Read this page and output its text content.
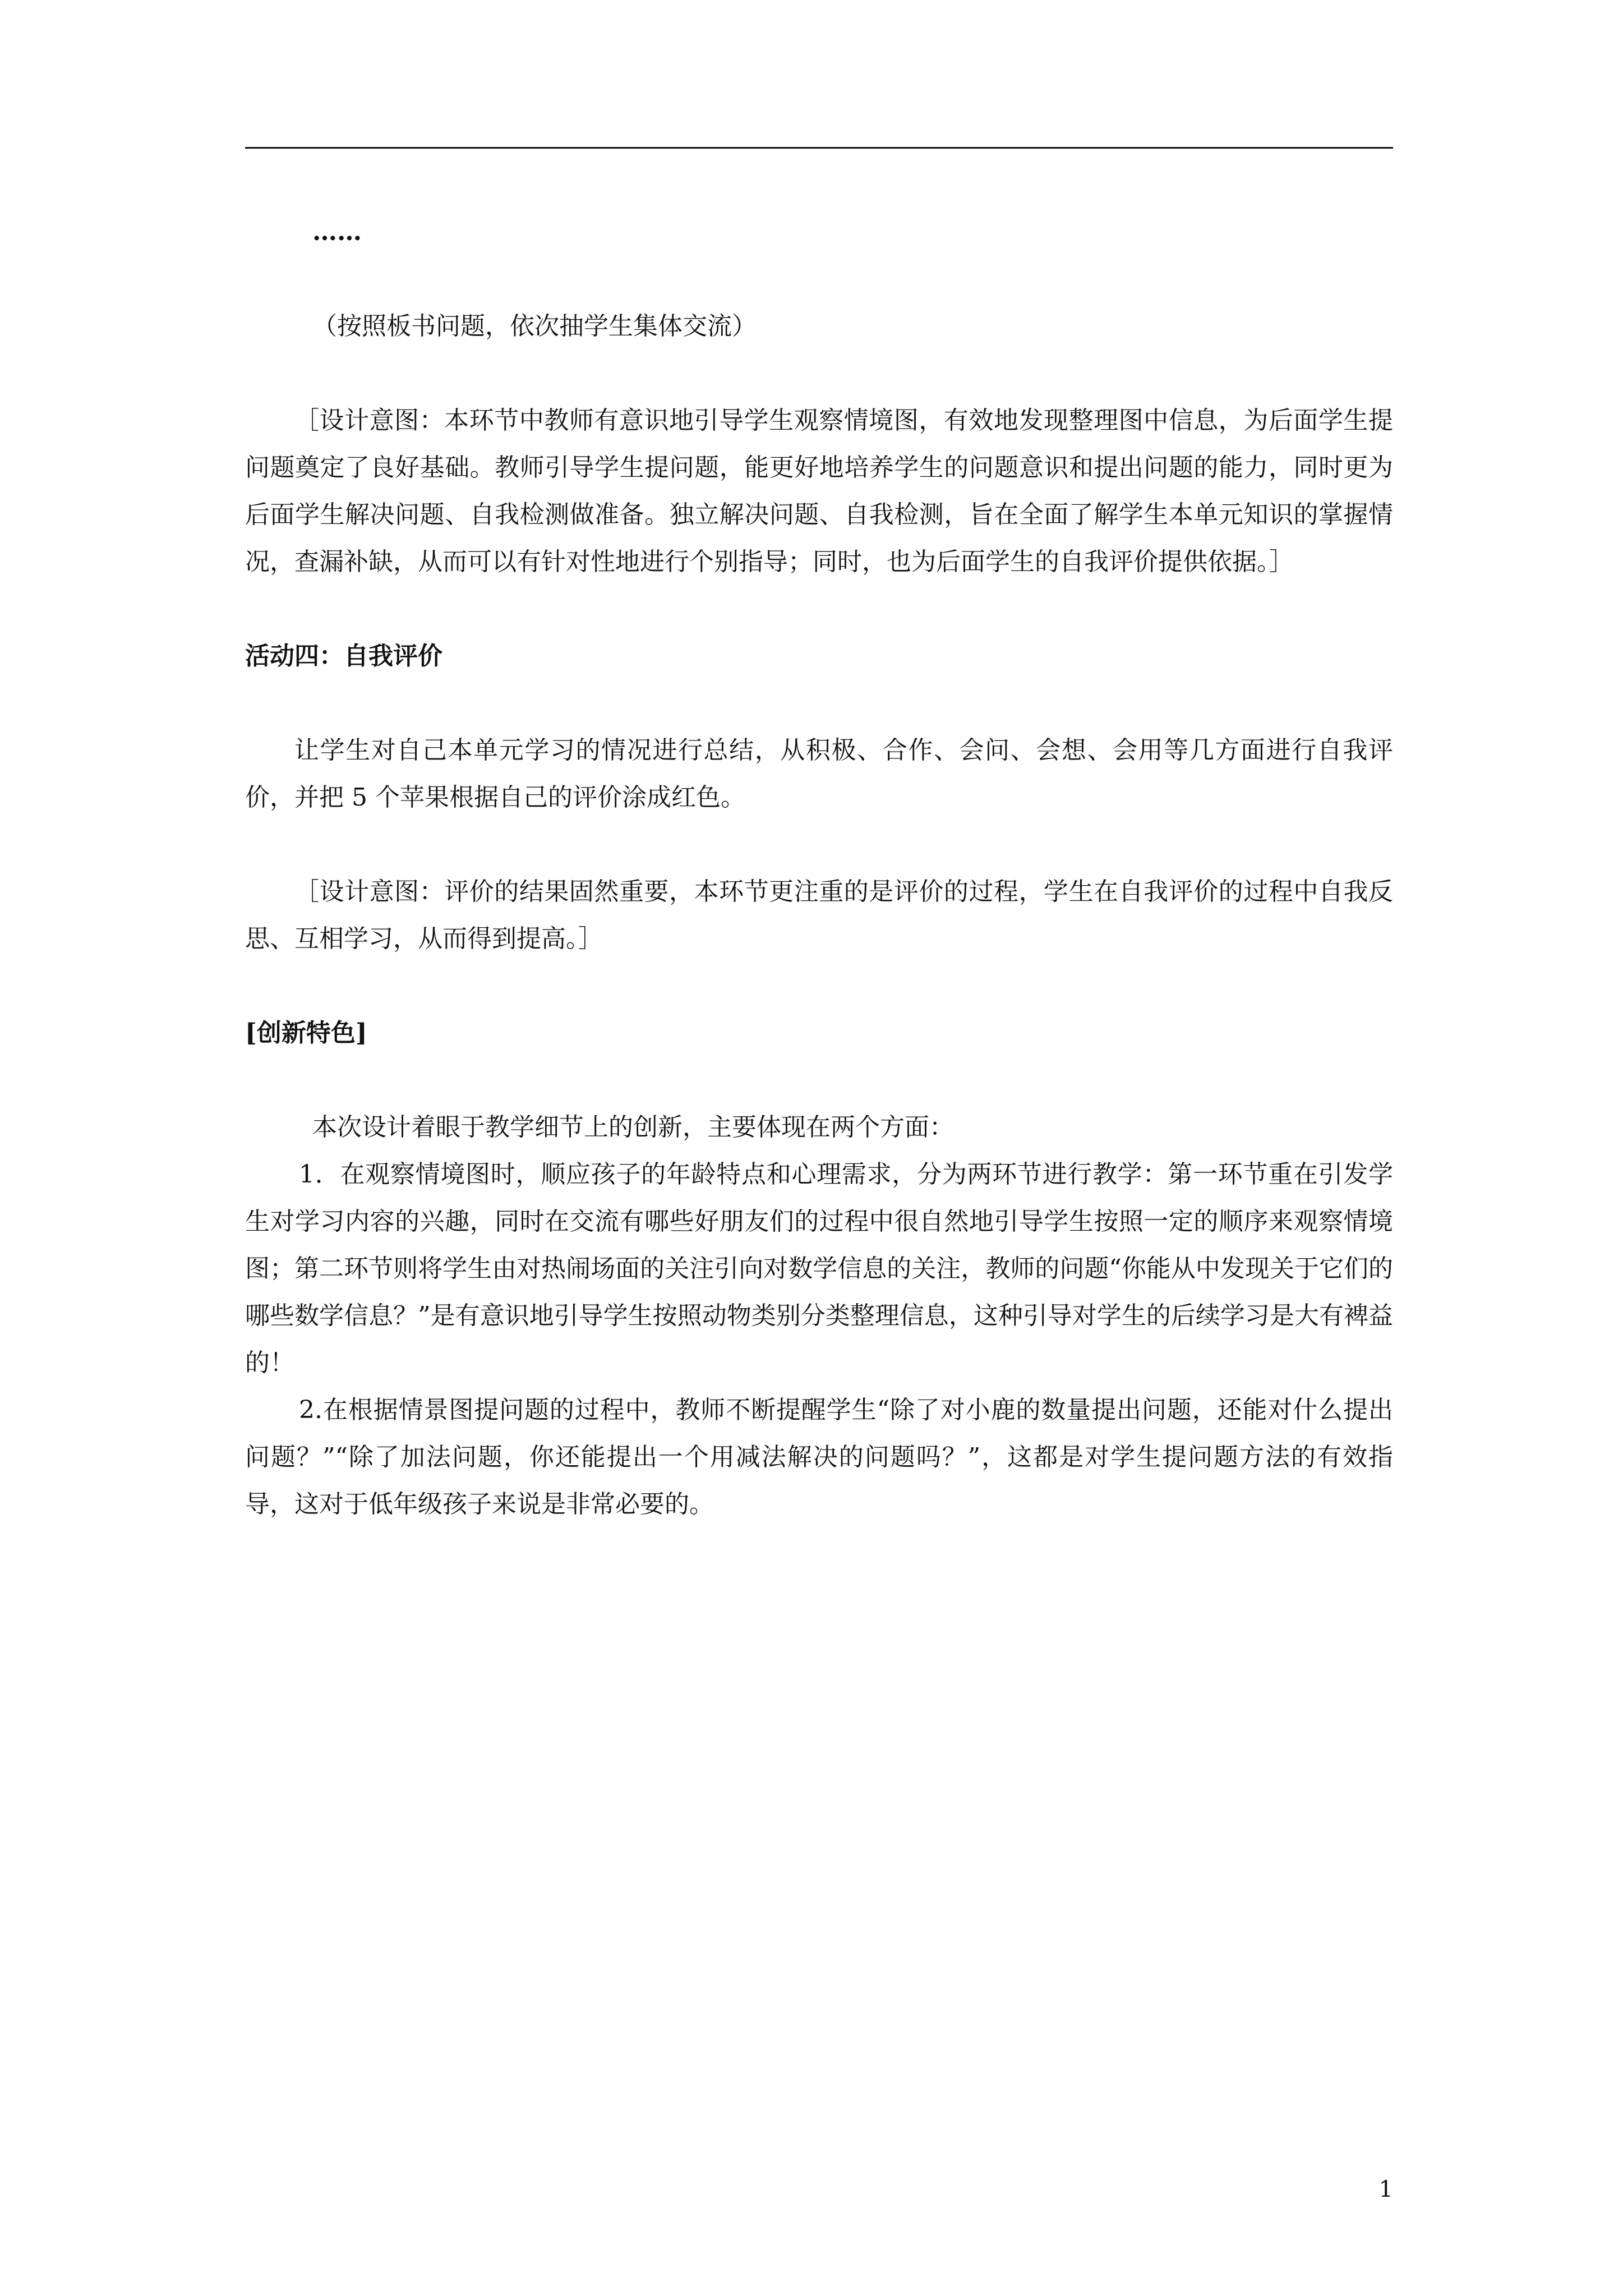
……

（按照板书问题，依次抽学生集体交流）

［设计意图：本环节中教师有意识地引导学生观察情境图，有效地发现整理图中信息，为后面学生提问题奠定了良好基础。教师引导学生提问题，能更好地培养学生的问题意识和提出问题的能力，同时更为后面学生解决问题、自我检测做准备。独立解决问题、自我检测，旨在全面了解学生本单元知识的掌握情况，查漏补缺，从而可以有针对性地进行个别指导；同时，也为后面学生的自我评价提供依据。］

活动四：自我评价

让学生对自己本单元学习的情况进行总结，从积极、合作、会问、会想、会用等几方面进行自我评价，并把 5 个苹果根据自己的评价涂成红色。

［设计意图：评价的结果固然重要，本环节更注重的是评价的过程，学生在自我评价的过程中自我反思、互相学习，从而得到提高。］

[创新特色]

本次设计着眼于教学细节上的创新，主要体现在两个方面：

1．在观察情境图时，顺应孩子的年龄特点和心理需求，分为两环节进行教学：第一环节重在引发学生对学习内容的兴趣，同时在交流有哪些好朋友们的过程中很自然地引导学生按照一定的顺序来观察情境图；第二环节则将学生由对热闹场面的关注引向对数学信息的关注，教师的问题“你能从中发现关于它们的哪些数学信息？”是有意识地引导学生按照动物类别分类整理信息，这种引导对学生的后续学习是大有裨益的！

2.在根据情景图提问题的过程中，教师不断提醒学生“除了对小鹿的数量提出问题，还能对什么提出问题？”“除了加法问题，你还能提出一个用减法解决的问题吗？”，这都是对学生提问题方法的有效指导，这对于低年级孩子来说是非常必要的。

1
